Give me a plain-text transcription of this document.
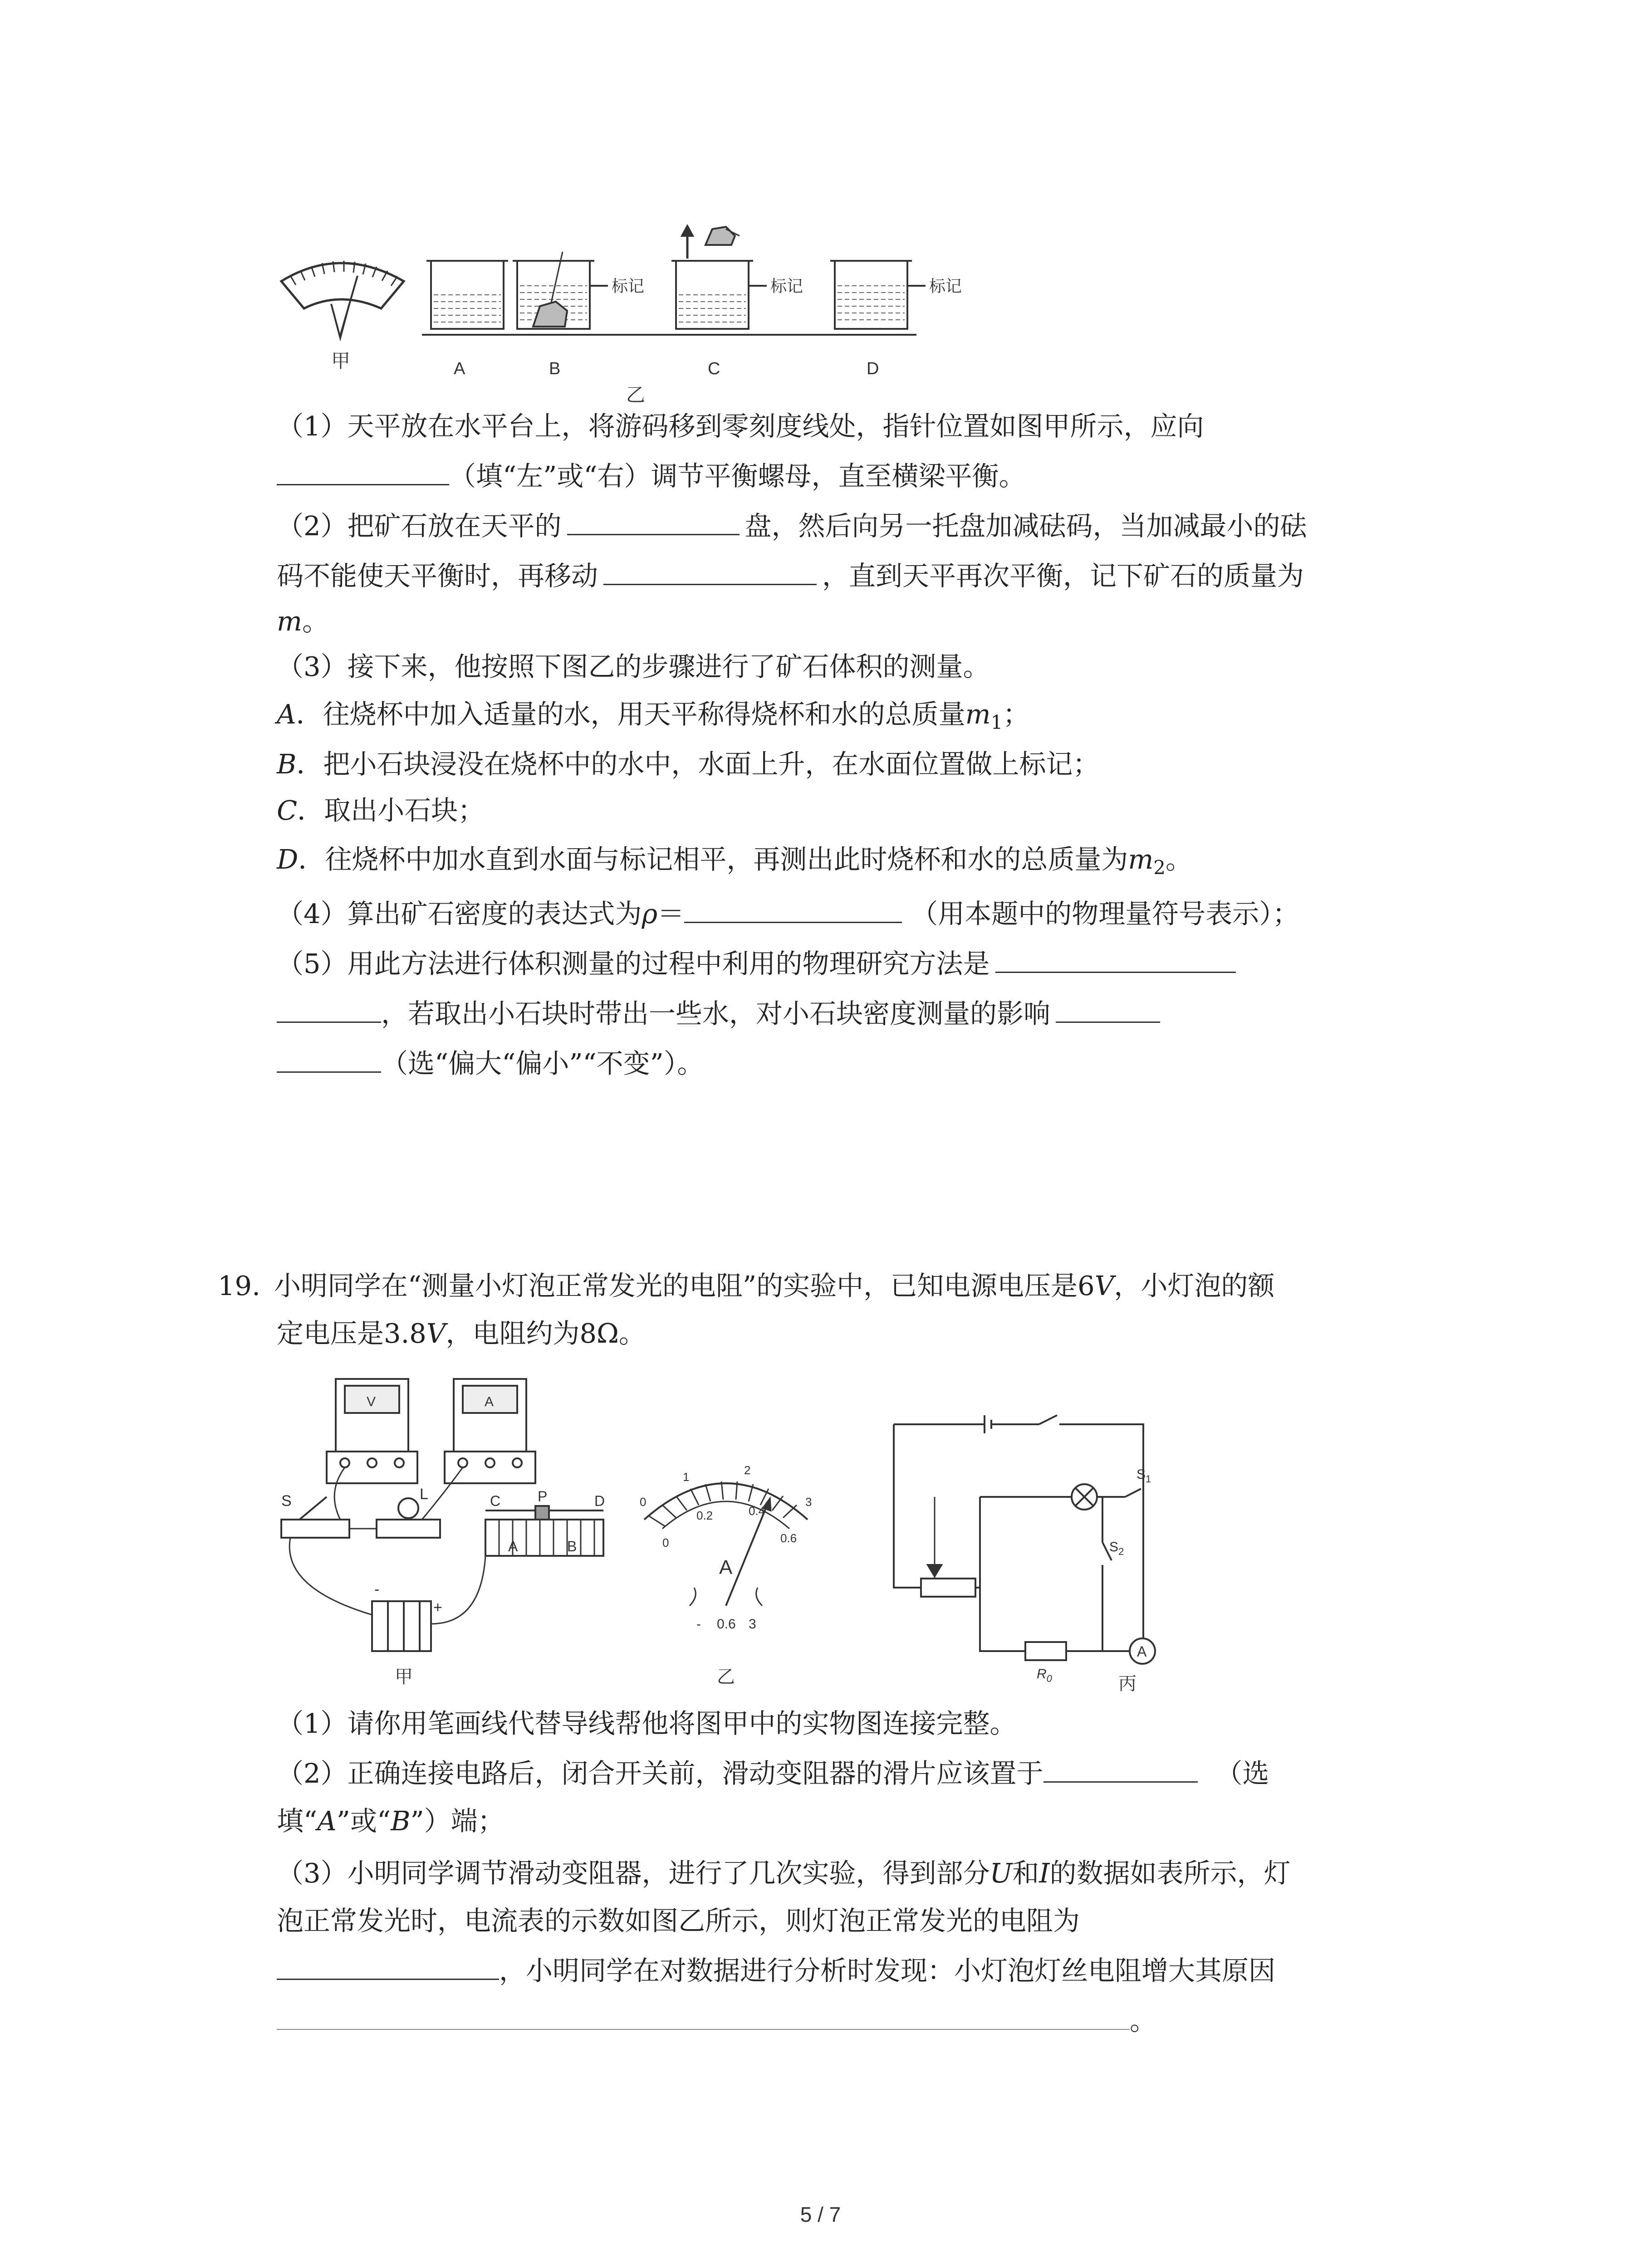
甲
标记	标记	标记
A	B	C	D
乙
（1）天平放在水平台上，将游码移到零刻度线处，指针位置如图甲所示，应向
（填“左”或“右）调节平衡螺母，直至横梁平衡。
（2）把矿石放在天平的	盘，然后向另一托盘加减砝码，当加减最小的砝
码不能使天平衡时，再移动	，直到天平再次平衡，记下矿石的质量为
m。
（3）接下来，他按照下图乙的步骤进行了矿石体积的测量。
A．往烧杯中加入适量的水，用天平称得烧杯和水的总质量$m_1$；
B．把小石块浸没在烧杯中的水中，水面上升，在水面位置做上标记；
C．取出小石块；
D．往烧杯中加水直到水面与标记相平，再测出此时烧杯和水的总质量为$m_2$。
（4）算出矿石密度的表达式为ρ＝	（用本题中的物理量符号表示）；
（5）用此方法进行体积测量的过程中利用的物理研究方法是
，若取出小石块时带出一些水，对小石块密度测量的影响
（选“偏大“偏小”“不变”）。
19. 小明同学在“测量小灯泡正常发光的电阻”的实验中，已知电源电压是6V，小灯泡的额
定电压是3.8V，电阻约为8Ω。
V	A
S	L	C	P	D
A	B
-
+
甲
0
1	2
3
0
0.2	0.4
0.6
A
- 0.6 3
乙
$S_1$
$S_2$
$R_0$
A
丙
（1）请你用笔画线代替导线帮他将图甲中的实物图连接完整。
（2）正确连接电路后，闭合开关前，滑动变阻器的滑片应该置于	（选
填“A”或“B”）端；
（3）小明同学调节滑动变阻器，进行了几次实验，得到部分U和I的数据如表所示，灯
泡正常发光时，电流表的示数如图乙所示，则灯泡正常发光的电阻为
，小明同学在对数据进行分析时发现：小灯泡灯丝电阻增大其原因
。
5 / 7
